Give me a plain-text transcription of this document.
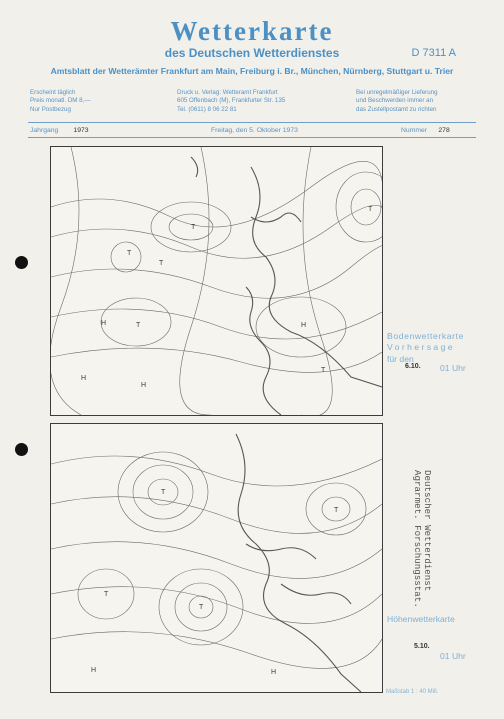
Wetterkarte
des Deutschen Wetterdienstes	D 7311 A
Amtsblatt der Wetterämter Frankfurt am Main, Freiburg i. Br., München, Nürnberg, Stuttgart u. Trier
Erscheint täglich
Preis monatl. DM 8,—
Nur Postbezug
Druck u. Verlag: Wetteramt Frankfurt
605 Offenbach (M), Frankfurter Str. 135
Tel. (0611) 8 06 22 81
Bei unregelmäßiger Lieferung
und Beschwerden immer an
das Zustellpostamt zu richten
Jahrgang 1973	Freitag, den 5. Oktober 1973	Nummer 278
T
T
T
T
H	H
H
H
T
T
Bodenwetterkarte
Vorhersage
für den
6.10. 01 Uhr
T
T
T
H	H
T
Höhenwetterkarte
5.10.
01 Uhr
Maßstab 1 : 40 Mill.
Deutscher Wetterdienst
Agrarmet. Forschungsstat.
